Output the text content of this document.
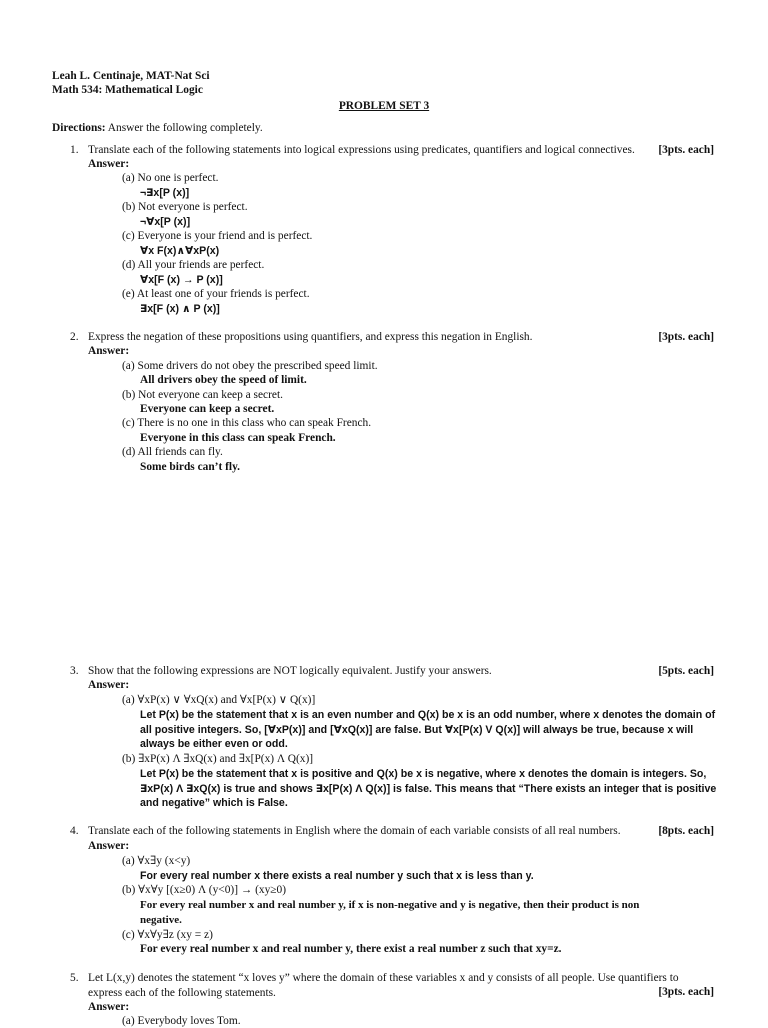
Leah L. Centinaje, MAT-Nat Sci
Math 534: Mathematical Logic
PROBLEM SET 3
Directions: Answer the following completely.
1. Translate each of the following statements into logical expressions using predicates, quantifiers and logical connectives. [3pts. each]
Answer:
(a) No one is perfect.
¬∃x[P (x)]
(b) Not everyone is perfect.
¬∀x[P (x)]
(c) Everyone is your friend and is perfect.
∀x F(x)∧∀xP(x)
(d) All your friends are perfect.
∀x[F (x) → P (x)]
(e) At least one of your friends is perfect.
∃x[F (x) ∧ P (x)]
2. Express the negation of these propositions using quantifiers, and express this negation in English.	[3pts. each]
Answer:
(a) Some drivers do not obey the prescribed speed limit.
All drivers obey the speed of limit.
(b) Not everyone can keep a secret.
Everyone can keep a secret.
(c) There is no one in this class who can speak French.
Everyone in this class can speak French.
(d) All friends can fly.
Some birds can’t fly.
3. Show that the following expressions are NOT logically equivalent. Justify your answers.	[5pts. each]
Answer:
(a) ∀xP(x) ∨ ∀xQ(x) and ∀x[P(x) ∨ Q(x)]
Let P(x) be the statement that x is an even number and Q(x) be x is an odd number, where x denotes the domain of all positive integers. So, [∀xP(x)] and [∀xQ(x)] are false. But ∀x[P(x) V Q(x)] will always be true, because x will always be either even or odd.
(b) ∃xP(x) Λ ∃xQ(x) and ∃x[P(x) Λ Q(x)]
Let P(x) be the statement that x is positive and Q(x) be x is negative, where x denotes the domain is integers. So, ∃xP(x) Λ ∃xQ(x) is true and shows ∃x[P(x) Λ Q(x)] is false. This means that “There exists an integer that is positive and negative” which is False.
4. Translate each of the following statements in English where the domain of each variable consists of all real numbers.	[8pts. each]
Answer:
(a) ∀x∃y (x<y)
For every real number x there exists a real number y such that x is less than y.
(b) ∀x∀y [(x≥0) Λ (y<0)] → (xy≥0)
For every real number x and real number y, if x is non-negative and y is negative, then their product is non negative.
(c) ∀x∀y∃z (xy = z)
For every real number x and real number y, there exist a real number z such that xy=z.
5. Let L(x,y) denotes the statement “x loves y” where the domain of these variables x and y consists of all people. Use quantifiers to express each of the following statements.	[3pts. each]
Answer:
(a) Everybody loves Tom.
